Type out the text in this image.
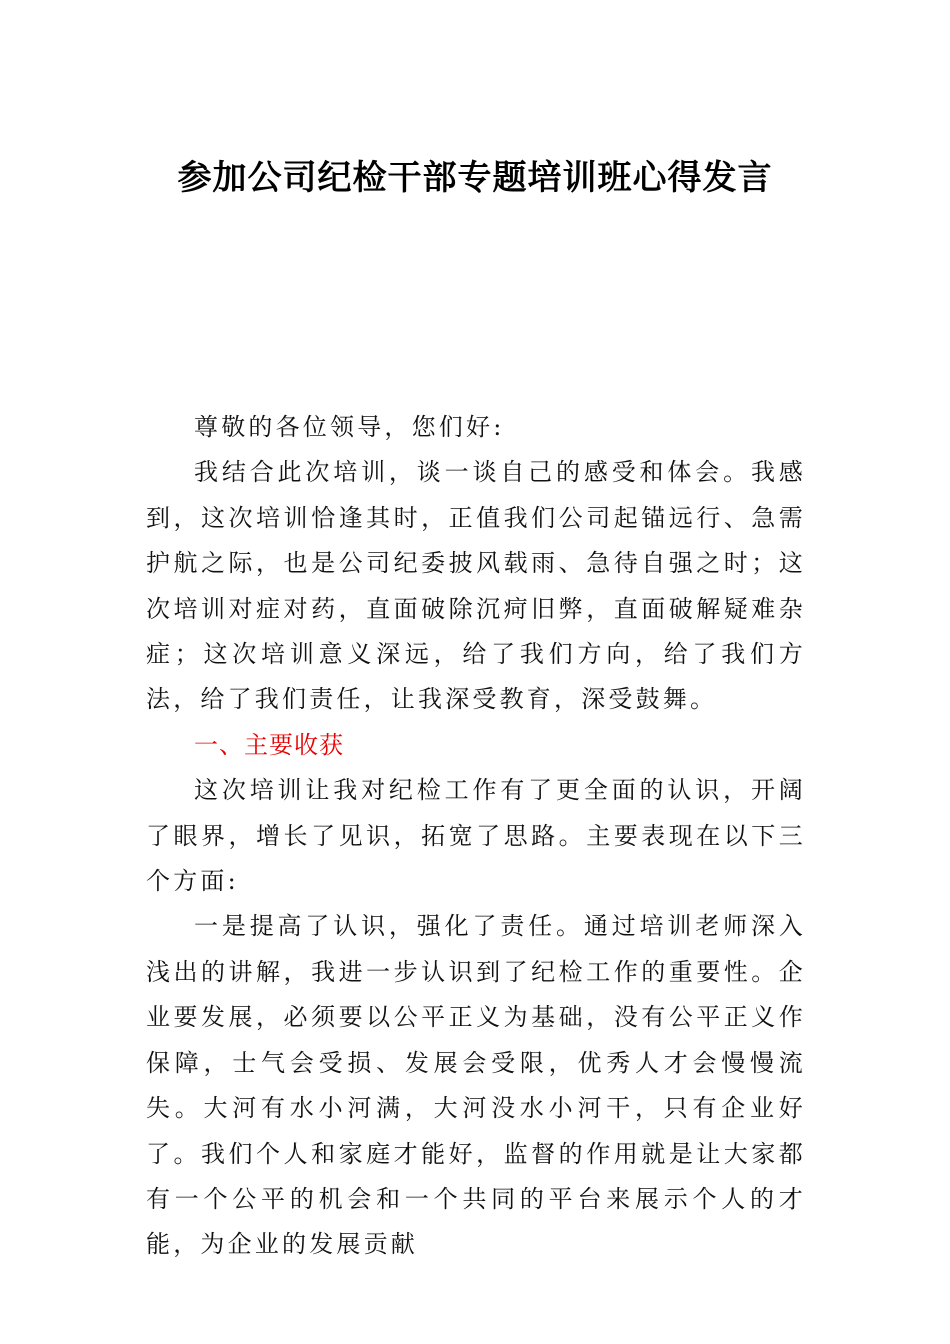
参加公司纪检干部专题培训班心得发言

尊敬的各位领导，您们好:

我结合此次培训，谈一谈自己的感受和体会。我感到，这次培训恰逢其时，正值我们公司起锚远行、急需护航之际，也是公司纪委披风载雨、急待自强之时；这次培训对症对药，直面破除沉疴旧弊，直面破解疑难杂症；这次培训意义深远，给了我们方向，给了我们方法，给了我们责任，让我深受教育，深受鼓舞。

一、主要收获

这次培训让我对纪检工作有了更全面的认识，开阔了眼界，增长了见识，拓宽了思路。主要表现在以下三个方面:

一是提高了认识，强化了责任。通过培训老师深入浅出的讲解，我进一步认识到了纪检工作的重要性。企业要发展，必须要以公平正义为基础，没有公平正义作保障，士气会受损、发展会受限，优秀人才会慢慢流失。大河有水小河满，大河没水小河干，只有企业好了。我们个人和家庭才能好，监督的作用就是让大家都有一个公平的机会和一个共同的平台来展示个人的才能，为企业的发展贡献
